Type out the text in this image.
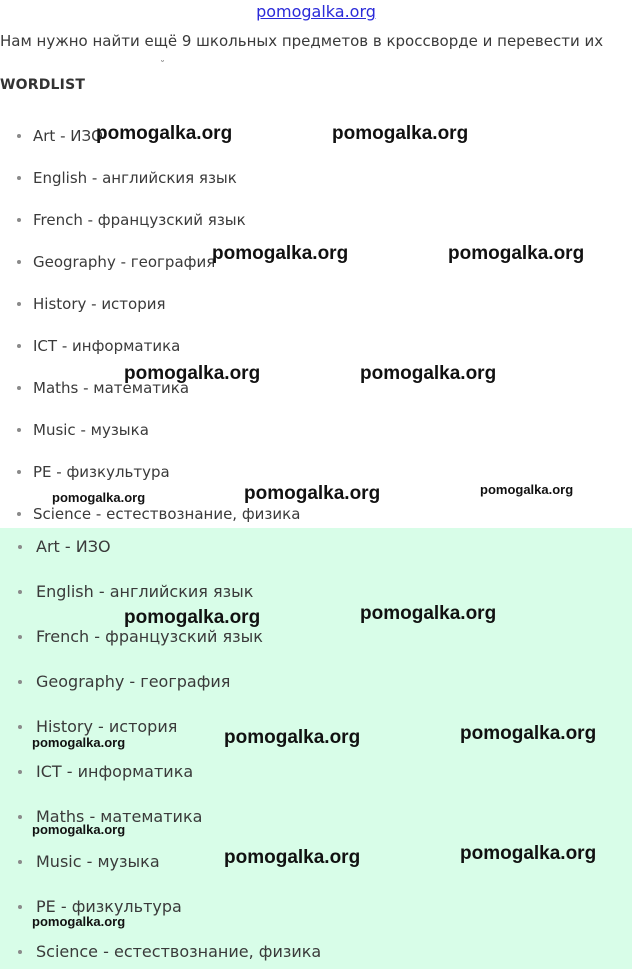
pomogalka.org
Нам нужно найти ещё 9 школьных предметов в кроссворде и перевести их
˘
WORDLIST
Art - ИЗО
English - английския язык
French - французский язык
Geography - география
History - история
ICT - информатика
Maths - математика
Music - музыка
PE - физкультура
Science - естествознание, физика
Art - ИЗО
English - английския язык
French - французский язык
Geography - география
History - история
ICT - информатика
Maths - математика
Music - музыка
PE - физкультура
Science - естествознание, физика
pomogalka.org	pomogalka.org
pomogalka.org	pomogalka.org
pomogalka.org	pomogalka.org
pomogalka.org	pomogalka.org	pomogalka.org
pomogalka.org	pomogalka.org
pomogalka.org	pomogalka.org	pomogalka.org
pomogalka.org
pomogalka.org	pomogalka.org
pomogalka.org
